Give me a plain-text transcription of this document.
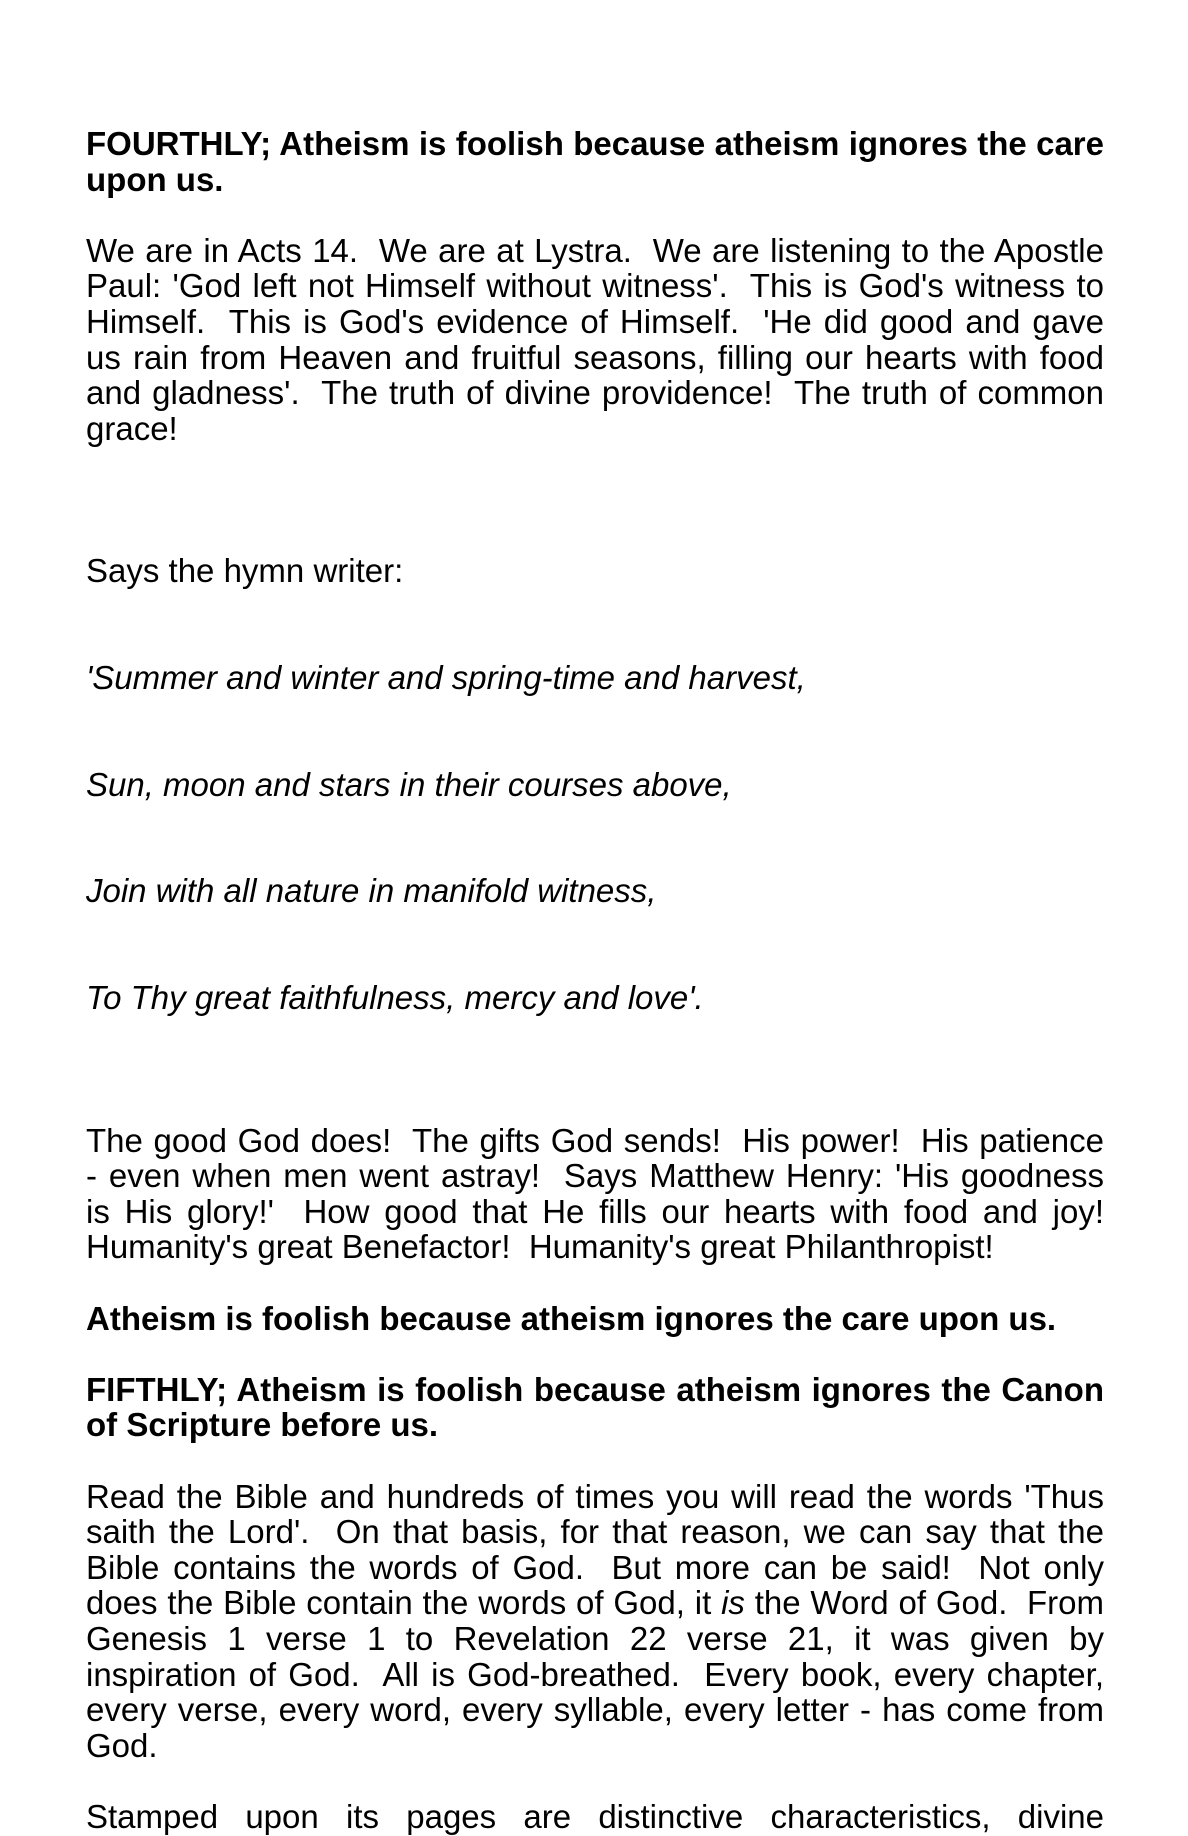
FOURTHLY; Atheism is foolish because atheism ignores the care upon us.

We are in Acts 14.  We are at Lystra.  We are listening to the Apostle Paul: 'God left not Himself without witness'.  This is God's witness to Himself.  This is God's evidence of Himself.  'He did good and gave us rain from Heaven and fruitful seasons, filling our hearts with food and gladness'.  The truth of divine providence!  The truth of common grace!

Says the hymn writer:

'Summer and winter and spring-time and harvest,

Sun, moon and stars in their courses above,

Join with all nature in manifold witness,

To Thy great faithfulness, mercy and love'.

The good God does!  The gifts God sends!  His power!  His patience  - even when men went astray!  Says Matthew Henry: 'His goodness is His glory!'  How good that He fills our hearts with food and joy!  Humanity's great Benefactor!  Humanity's great Philanthropist!

Atheism is foolish because atheism ignores the care upon us.

FIFTHLY; Atheism is foolish because atheism ignores the Canon of Scripture before us.

Read the Bible and hundreds of times you will read the words 'Thus saith the Lord'.  On that basis, for that reason, we can say that the Bible contains the words of God.  But more can be said!  Not only does the Bible contain the words of God, it is the Word of God.  From Genesis 1 verse 1 to Revelation 22 verse 21, it was given by inspiration of God.  All is God-breathed.  Every book, every chapter, every verse, every word, every syllable, every letter - has come from God.

Stamped upon its pages are distinctive characteristics, divine
